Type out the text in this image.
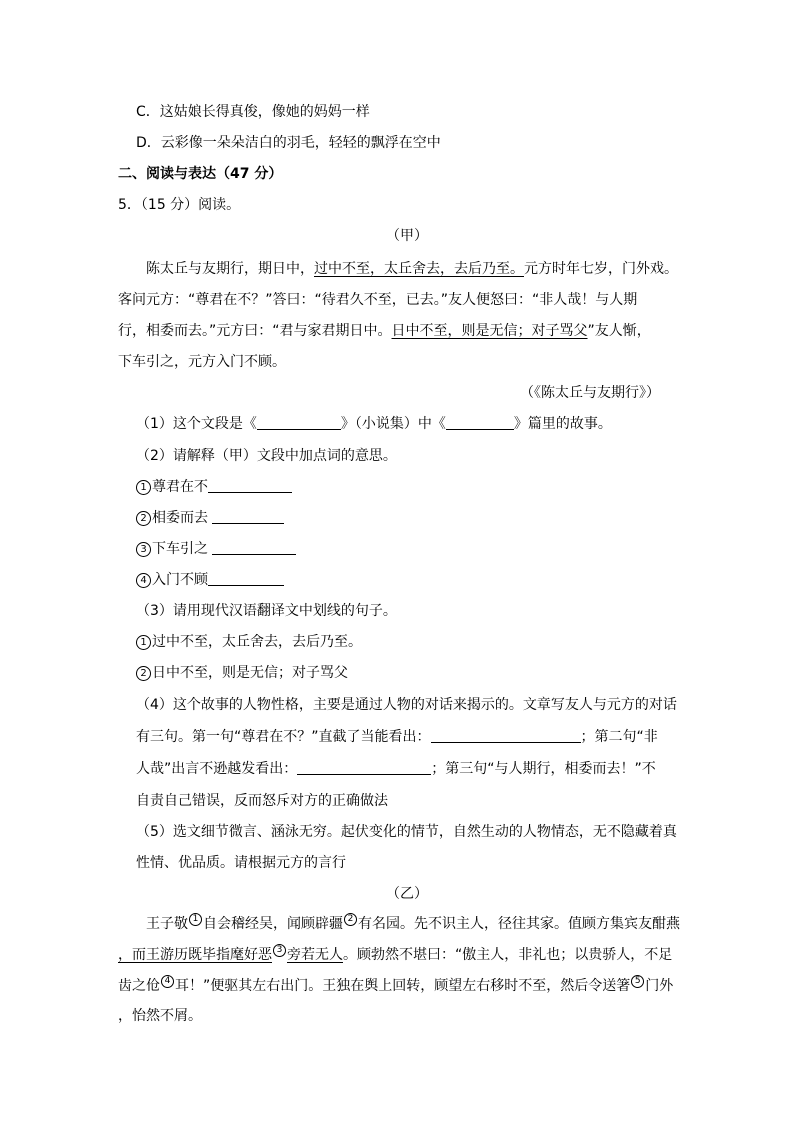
C．这姑娘长得真俊，像她的妈妈一样
D．云彩像一朵朵洁白的羽毛，轻轻的飘浮在空中
二、阅读与表达（47 分）
5．（15 分）阅读。
（甲）
陈太丘与友期行，期日中，过中不至，太丘舍去，去后乃至。元方时年七岁，门外戏。
客问元方：“尊君在不？”答曰：“待君久不至，已去。”友人便怒曰：“非人哉！与人期
行，相委而去。”元方曰：“君与家君期日中。日中不至，则是无信；对子骂父”友人惭，
下车引之，元方入门不顾。
（《陈太丘与友期行》）
（1）这个文段是《	》（小说集）中《	》篇里的故事。
（2）请解释（甲）文段中加点词的意思。
1 尊君在不
2 相委而去
3 下车引之
4 入门不顾
（3）请用现代汉语翻译文中划线的句子。
1 过中不至，太丘舍去，去后乃至。
2 日中不至，则是无信；对子骂父
（4）这个故事的人物性格，主要是通过人物的对话来揭示的。文章写友人与元方的对话
有三句。第一句“尊君在不？”直截了当能看出：	；第二句“非
人哉”出言不逊越发看出：	；第三句“与人期行，相委而去！”不
自责自己错误，反而怒斥对方的正确做法
（5）选文细节微言、涵泳无穷。起伏变化的情节，自然生动的人物情态，无不隐藏着真
性情、优品质。请根据元方的言行
（乙）
王子敬 $^1$ 自会稽经吴，闻顾辟疆 $^2$ 有名园。先不识主人，径往其家。值顾方集宾友酣燕
，而王游历既毕指麾好恶 $^3$ 旁若无人。顾勃然不堪曰：“傲主人，非礼也；以贵骄人，不足
齿之伧 $^4$ 耳！”便驱其左右出门。王独在舆上回转，顾望左右移时不至，然后令送箸 $^5$ 门外
，怡然不屑。
